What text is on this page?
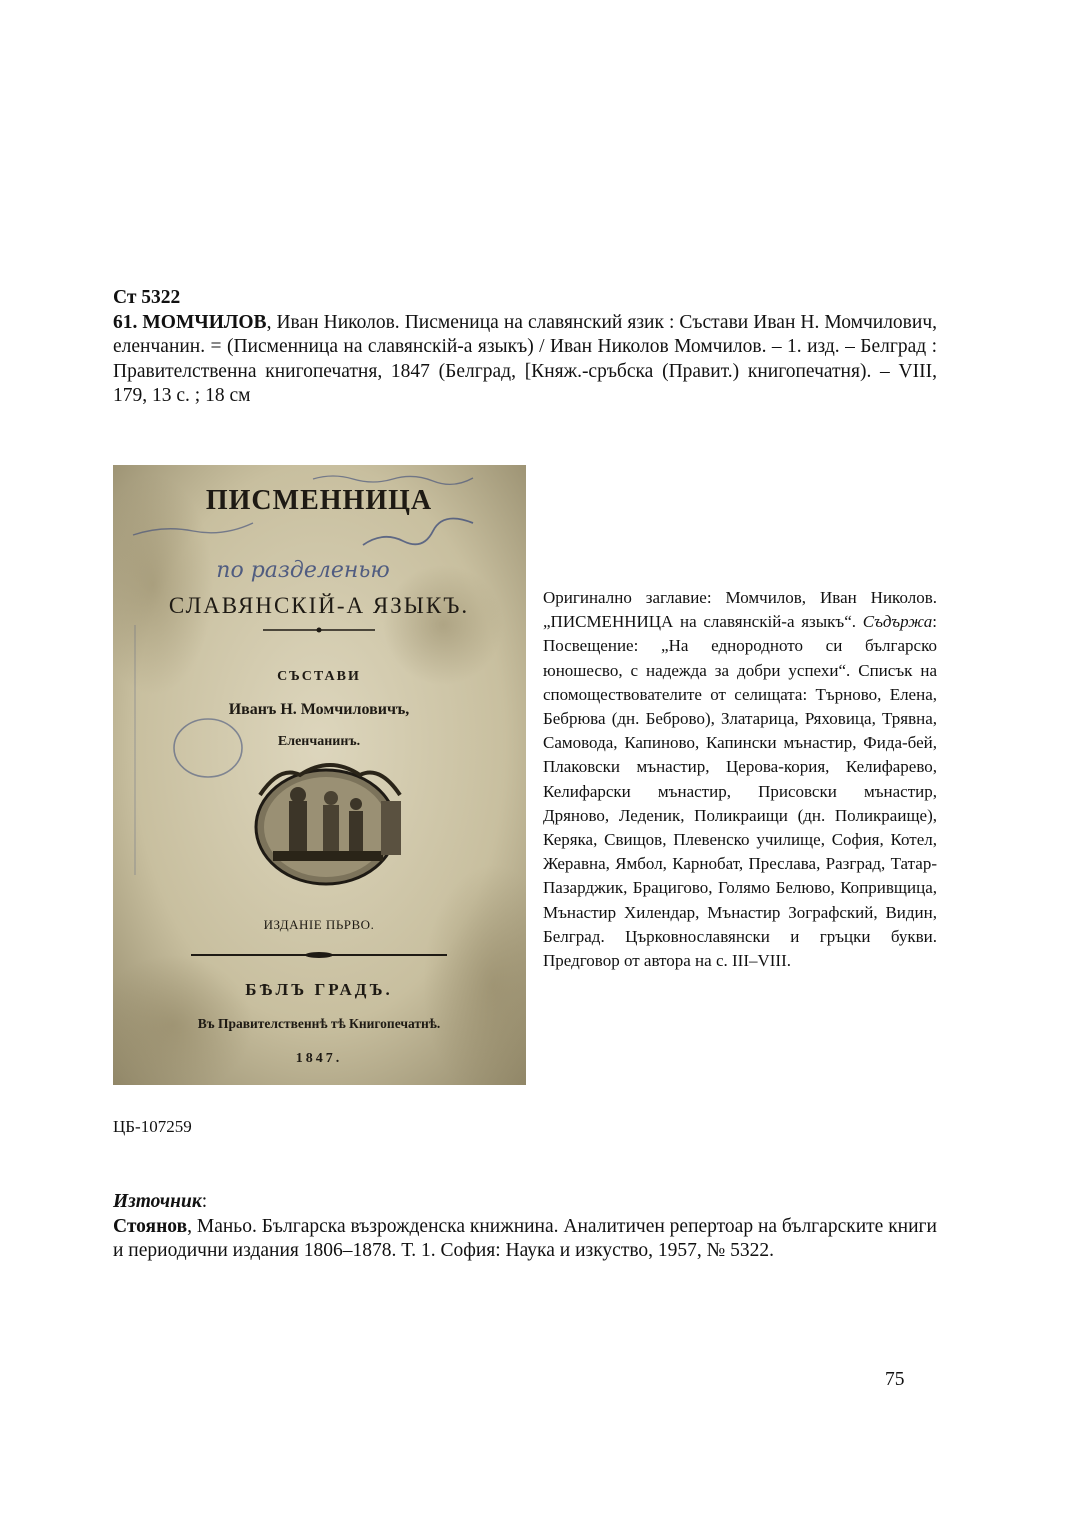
Ст 5322
61. МОМЧИЛОВ, Иван Николов. Писменица на славянский язик : Състави Иван Н. Момчилович, еленчанин. = (Писменница на славянскій-а языкъ) / Иван Николов Момчилов. – 1. изд. – Белград : Правителственна книгопечатня, 1847 (Белград, [Княж.-сръбска (Правит.) книгопечатня). – VIII, 179, 13 с. ; 18 см
ПИСМЕННИЦА
по разделенью
СЛАВЯНСКІЙ-А ЯЗЫКЪ.
СЪСТАВИ
Иванъ Н. Момчиловичъ,
Еленчанинъ.
ИЗДАНІЕ ПЬРВО.
БѢЛЪ ГРАДЪ.
Въ Правителственнѣ тѣ Книгопечатнѣ.
1847.
Оригинално заглавие: Момчилов, Иван Николов. „ПИСМЕННИЦА на славянскій-а языкъ“. Съдържа: Посвещение: „На еднородното си българско юношесво, с надежда за добри успехи“. Списък на спомоществователите от селищата: Търново, Елена, Бебрюва (дн. Беброво), Златарица, Ряховица, Трявна, Самовода, Капиново, Капински мънастир, Фида-бей, Плаковски мънастир, Церова-кория, Келифарево, Келифарски мънастир, Присовски мънастир, Дряново, Леденик, Поликраищи (дн. Поликраище), Керяка, Свищов, Плевенско училище, София, Котел, Жеравна, Ямбол, Карнобат, Преслава, Разград, Татар-Пазарджик, Брацигово, Голямо Белюво, Копривщица, Мънастир Хилендар, Мънастир Зографский, Видин, Белград. Църковнославянски и гръцки букви. Предговор от автора на с. III–VIII.
ЦБ-107259
Източник:
Стоянов, Маньо. Българска възрожденска книжнина. Аналитичен репертоар на българските книги и периодични издания 1806–1878. Т. 1. София: Наука и изкуство, 1957, № 5322.
75
